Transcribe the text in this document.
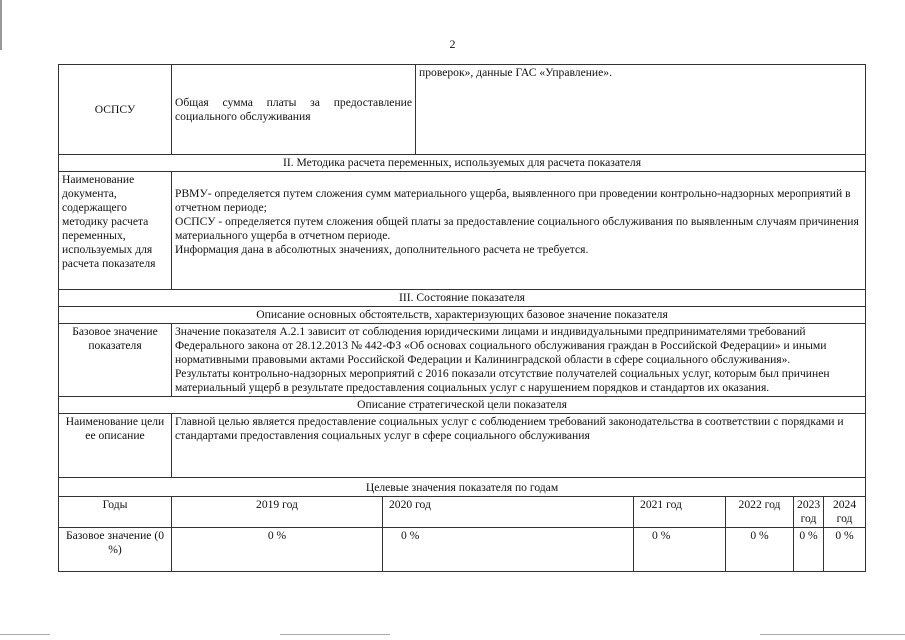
2
ОСПСУ	Общая сумма платы за предоставление социального обслуживания		проверок», данные ГАС «Управление».				
II. Методика расчета переменных, используемых для расчета показателя							
Наименование документа, содержащего методику расчета переменных, используемых для расчета показателя	РВМУ- определяется путем сложения сумм материального ущерба, выявленного при проведении контрольно-надзорных мероприятий в отчетном периоде;

ОСПСУ - определяется путем сложения общей платы за предоставление социального обслуживания по выявленным случаям причинения материального ущерба в отчетном периоде.

Информация дана в абсолютных значениях, дополнительного расчета не требуется.						

III. Состояние показателя							
Описание основных обстоятельств, характеризующих базовое значение показателя							
Базовое значение показателя	Значение показателя А.2.1 зависит от соблюдения юридическими лицами и индивидуальными предпринимателями требований Федерального закона от 28.12.2013 № 442-ФЗ «Об основах социального обслуживания граждан в Российской Федерации» и иными нормативными правовыми актами Российской Федерации и Калининградской области в сфере социального обслуживания».

Результаты контрольно-надзорных мероприятий с 2016 показали отсутствие получателей социальных услуг, которым был причинен материальный ущерб в результате предоставления социальных услуг с нарушением порядков и стандартов их оказания.						

Описание стратегической цели показателя							
Наименование цели ее описание	Главной целью является предоставление социальных услуг с соблюдением требований законодательства в соответствии с порядками и стандартами предоставления социальных услуг в сфере социального обслуживания						
Целевые значения показателя по годам							
Годы	2019 год	2020 год		2021 год	2022 год	2023 год	2024 год
Базовое значение (0 %)	0 %	0 %		0 %	0 %	0 %	0 %
